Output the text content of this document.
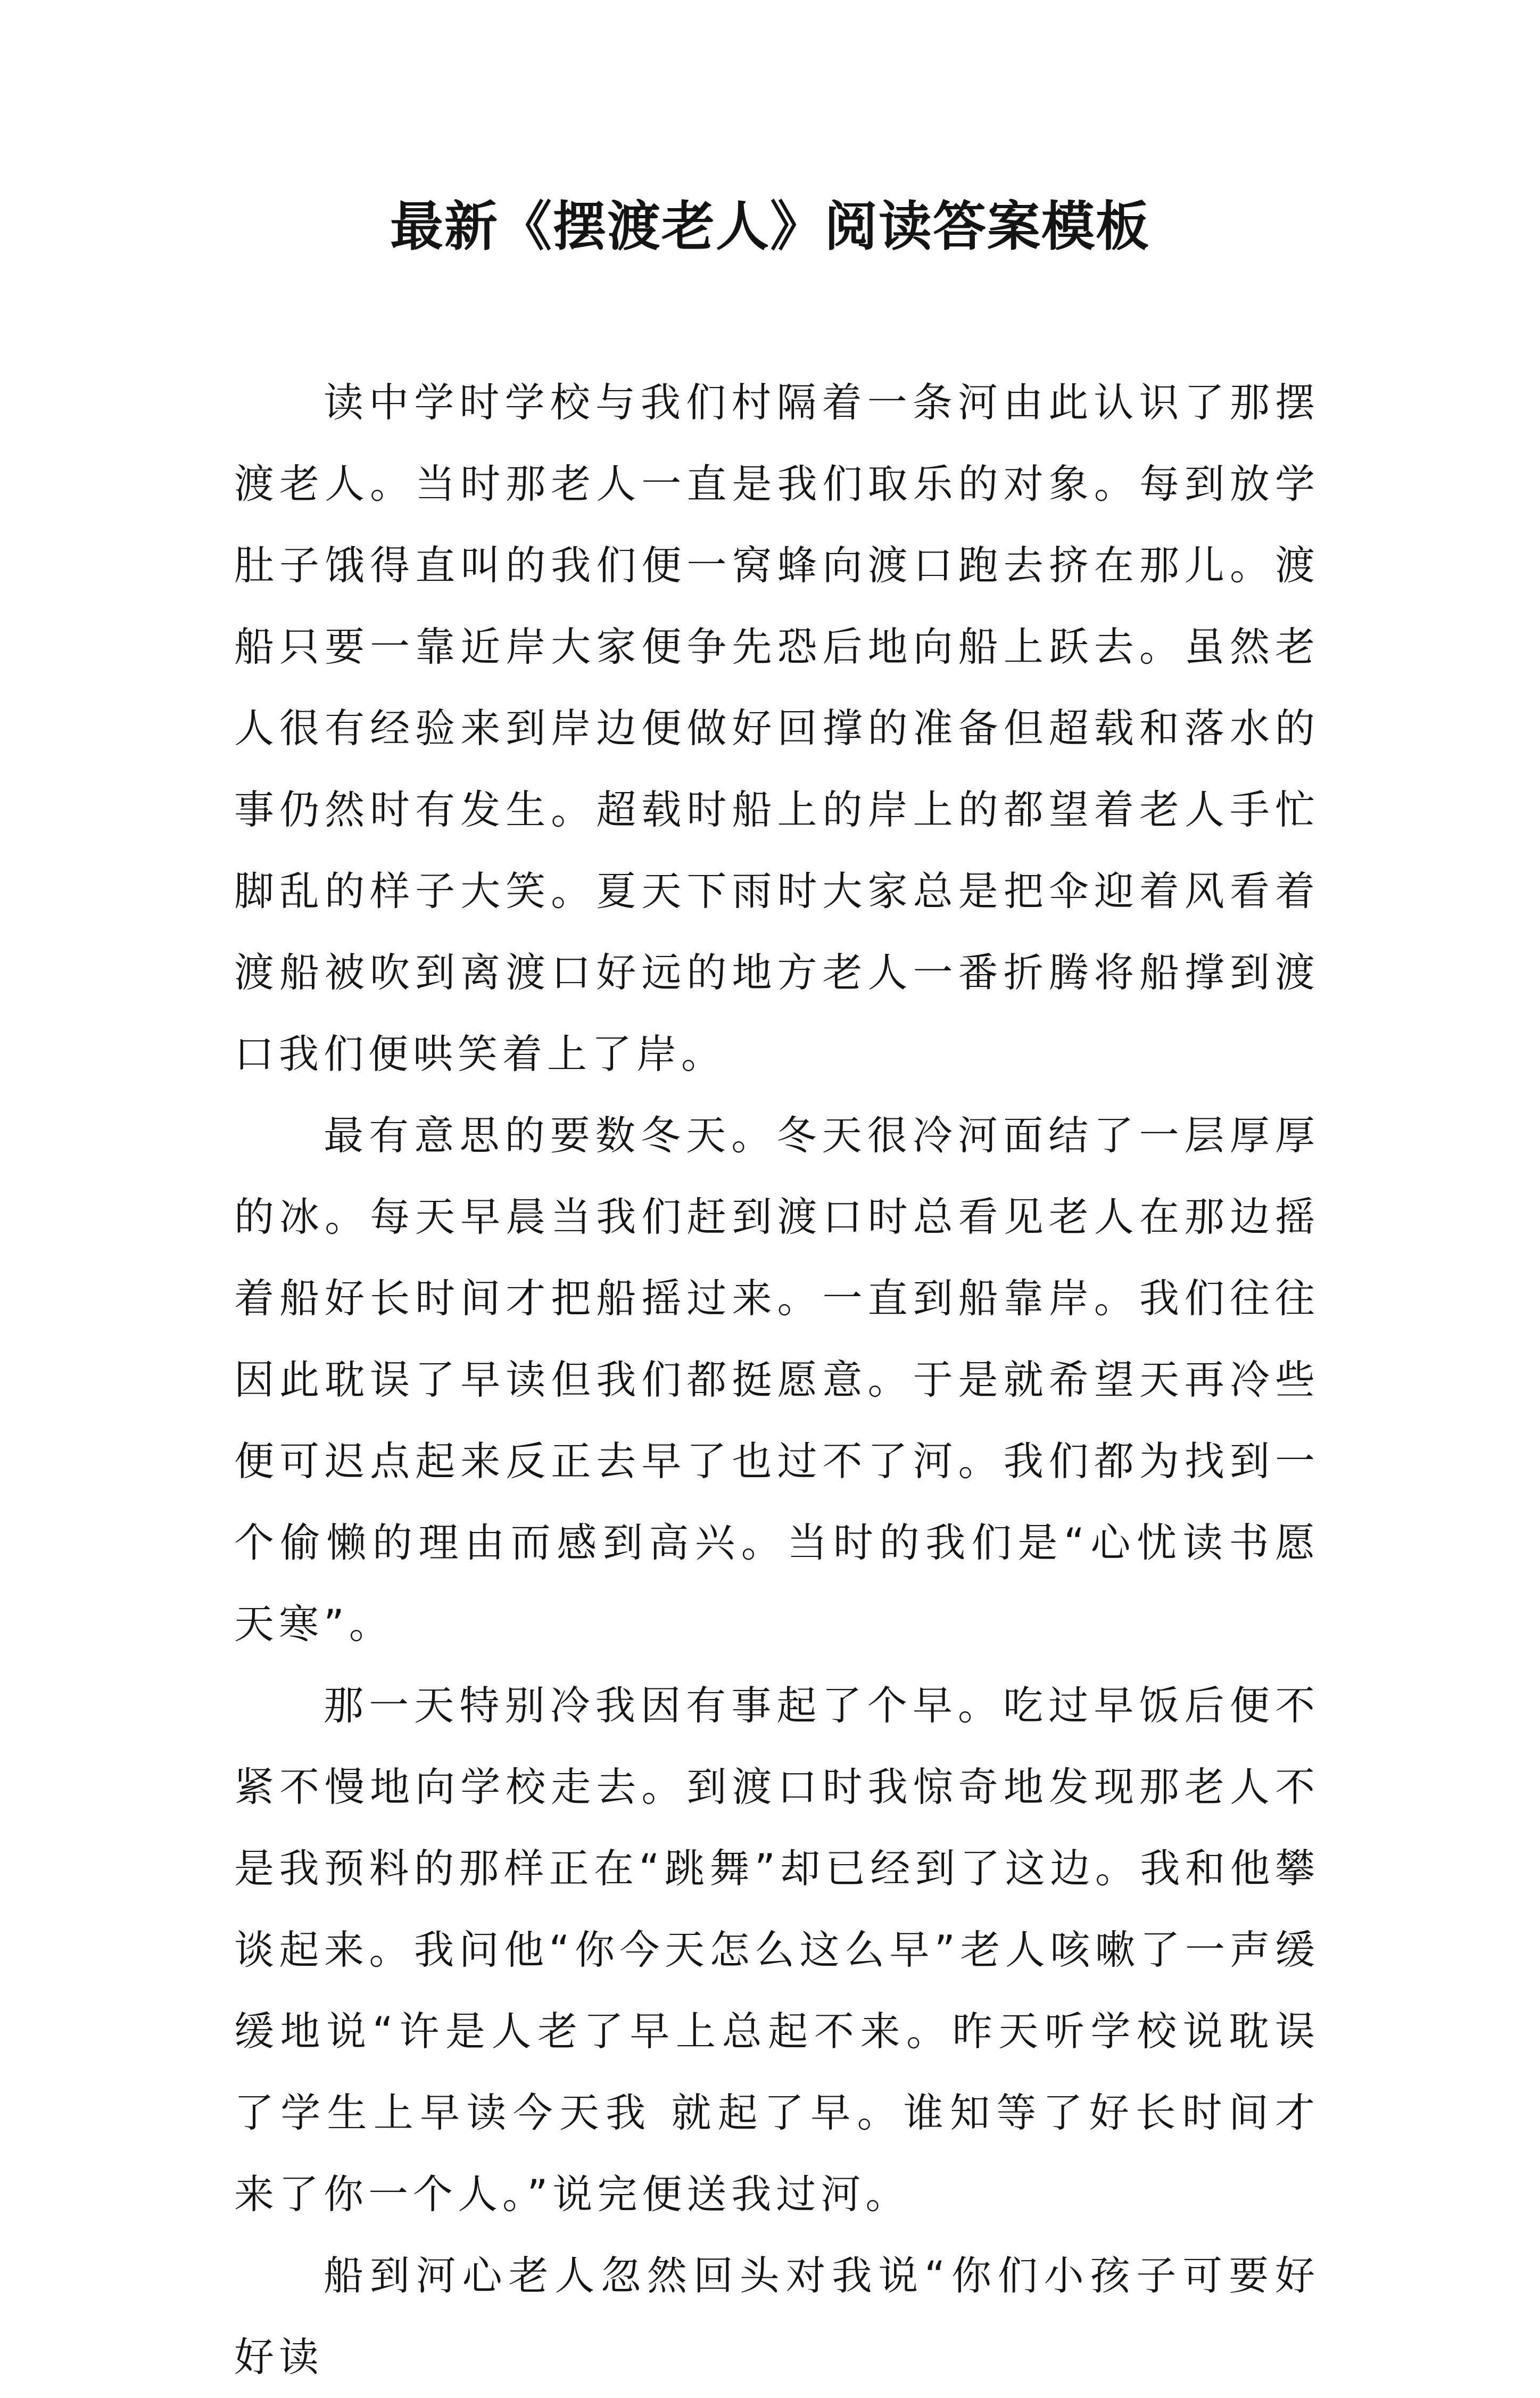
最新《摆渡老人》阅读答案模板

读中学时学校与我们村隔着一条河由此认识了那摆渡老人。当时那老人一直是我们取乐的对象。每到放学肚子饿得直叫的我们便一窝蜂向渡口跑去挤在那儿。渡船只要一靠近岸大家便争先恐后地向船上跃去。虽然老人很有经验来到岸边便做好回撑的准备但超载和落水的事仍然时有发生。超载时船上的岸上的都望着老人手忙脚乱的样子大笑。夏天下雨时大家总是把伞迎着风看着渡船被吹到离渡口好远的地方老人一番折腾将船撑到渡口我们便哄笑着上了岸。

最有意思的要数冬天。冬天很冷河面结了一层厚厚的冰。每天早晨当我们赶到渡口时总看见老人在那边摇着船好长时间才把船摇过来。一直到船靠岸。我们往往因此耽误了早读但我们都挺愿意。于是就希望天再冷些便可迟点起来反正去早了也过不了河。我们都为找到一个偷懒的理由而感到高兴。当时的我们是“心忧读书愿天寒”。

那一天特别冷我因有事起了个早。吃过早饭后便不紧不慢地向学校走去。到渡口时我惊奇地发现那老人不是我预料的那样正在“跳舞”却已经到了这边。我和他攀谈起来。我问他“你今天怎么这么早”老人咳嗽了一声缓缓地说“许是人老了早上总起不来。昨天听学校说耽误了学生上早读今天我 就起了早。谁知等了好长时间才来了你一个人。”说完便送我过河。

船到河心老人忽然回头对我说“你们小孩子可要好好读
